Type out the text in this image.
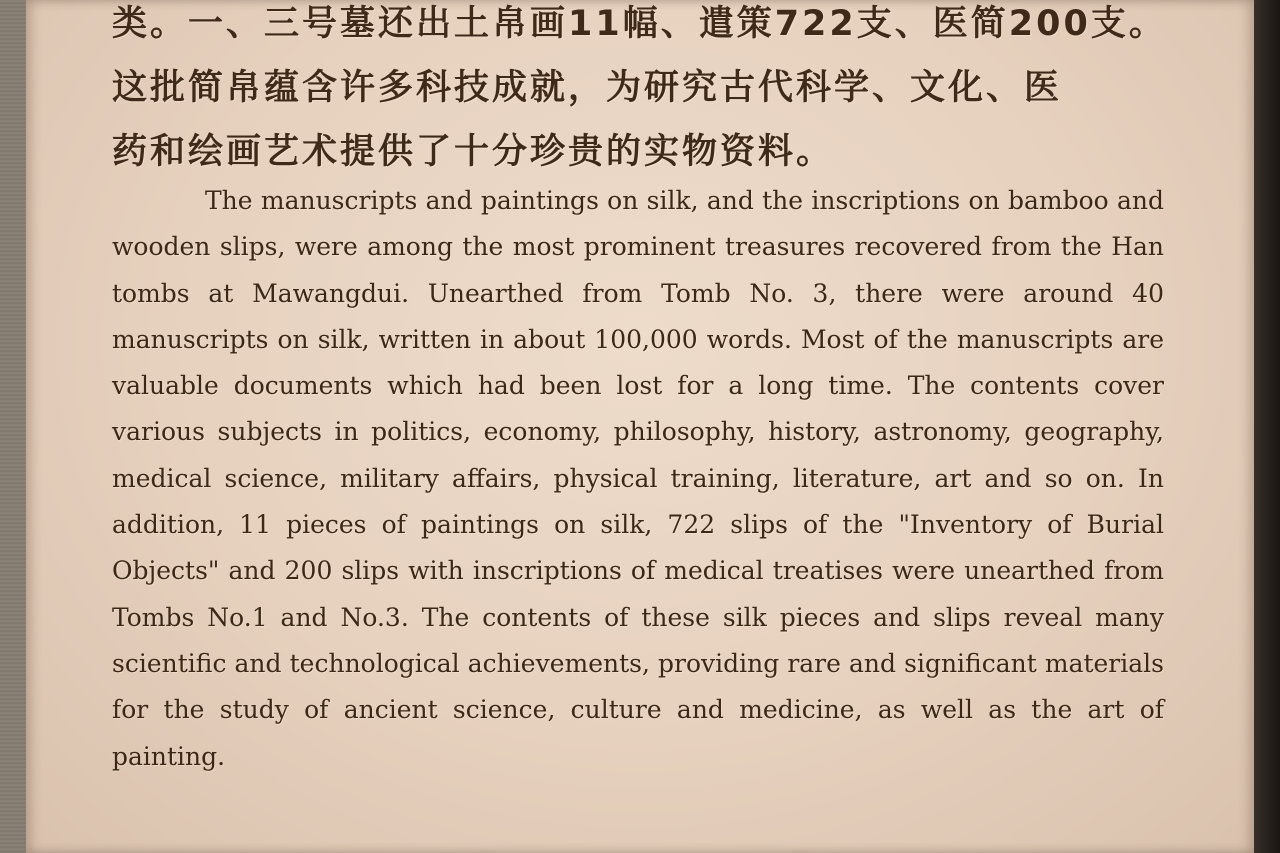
类。一、三号墓还出土帛画11幅、遣策722支、医简200支。
这批简帛蕴含许多科技成就，为研究古代科学、文化、医
药和绘画艺术提供了十分珍贵的实物资料。

The manuscripts and paintings on silk, and the inscriptions on bamboo and wooden slips, were among the most prominent treasures recovered from the Han tombs at Mawangdui. Unearthed from Tomb No. 3, there were around 40 manuscripts on silk, written in about 100,000 words. Most of the manuscripts are valuable documents which had been lost for a long time. The contents cover various subjects in politics, economy, philosophy, history, astronomy, geography, medical science, military affairs, physical training, literature, art and so on. In addition, 11 pieces of paintings on silk, 722 slips of the "Inventory of Burial Objects" and 200 slips with inscriptions of medical treatises were unearthed from Tombs No.1 and No.3. The contents of these silk pieces and slips reveal many scientific and technological achievements, providing rare and significant materials for the study of ancient science, culture and medicine, as well as the art of painting.
